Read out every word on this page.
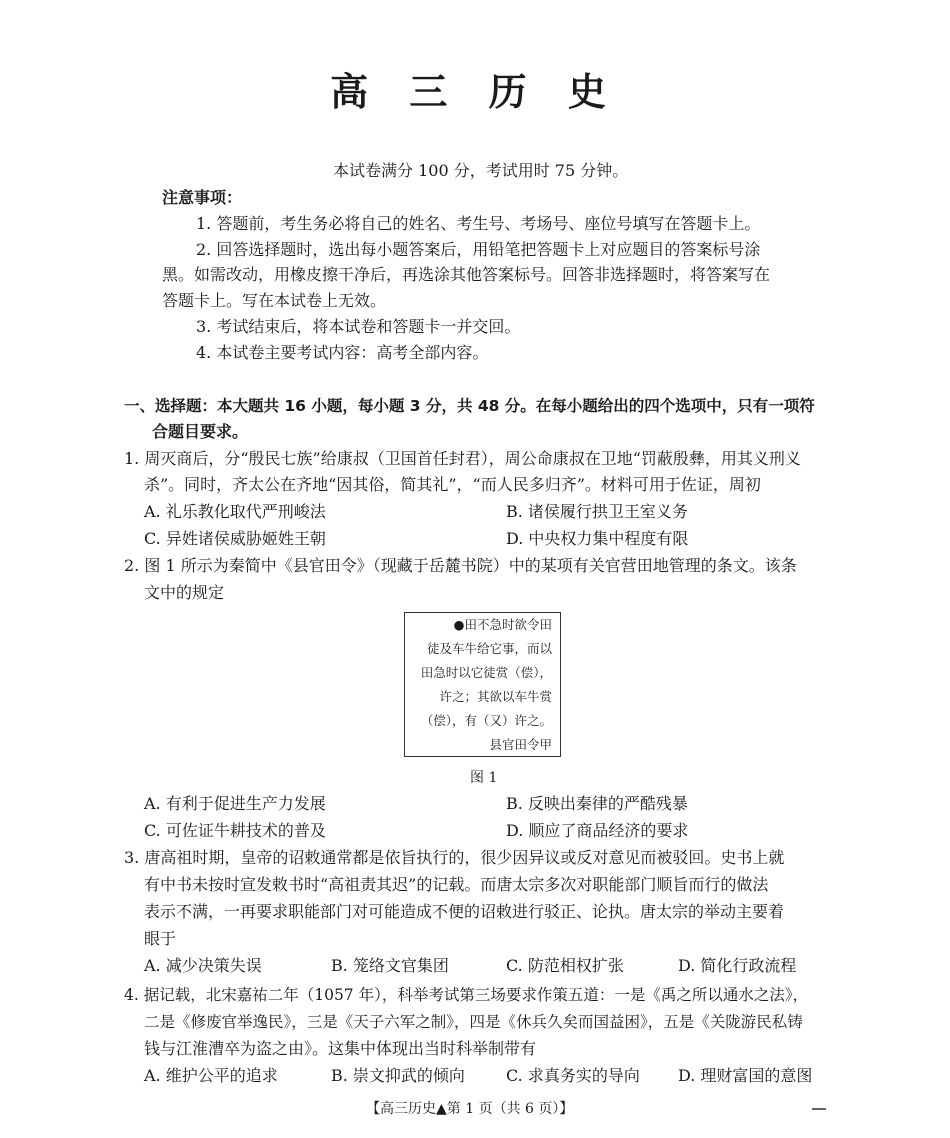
高 三 历 史
本试卷满分 100 分，考试用时 75 分钟。
注意事项：
1. 答题前，考生务必将自己的姓名、考生号、考场号、座位号填写在答题卡上。
2. 回答选择题时，选出每小题答案后，用铅笔把答题卡上对应题目的答案标号涂
黑。如需改动，用橡皮擦干净后，再选涂其他答案标号。回答非选择题时，将答案写在
答题卡上。写在本试卷上无效。
3. 考试结束后，将本试卷和答题卡一并交回。
4. 本试卷主要考试内容：高考全部内容。
一、选择题：本大题共 16 小题，每小题 3 分，共 48 分。在每小题给出的四个选项中，只有一项符
合题目要求。
1. 周灭商后，分“殷民七族”给康叔（卫国首任封君），周公命康叔在卫地“罚蔽殷彝，用其义刑义
杀”。同时，齐太公在齐地“因其俗，简其礼”，“而人民多归齐”。材料可用于佐证，周初
A. 礼乐教化取代严刑峻法	B. 诸侯履行拱卫王室义务
C. 异姓诸侯威胁姬姓王朝	D. 中央权力集中程度有限
2. 图 1 所示为秦简中《县官田令》（现藏于岳麓书院）中的某项有关官营田地管理的条文。该条
文中的规定
●田不急时欲令田
徒及车牛给它事，而以
田急时以它徒赏（偿），
许之；其欲以车牛赏
（偿），有（又）许之。
县官田令甲
图 1
A. 有利于促进生产力发展	B. 反映出秦律的严酷残暴
C. 可佐证牛耕技术的普及	D. 顺应了商品经济的要求
3. 唐高祖时期，皇帝的诏敕通常都是依旨执行的，很少因异议或反对意见而被驳回。史书上就
有中书未按时宣发敕书时“高祖责其迟”的记载。而唐太宗多次对职能部门顺旨而行的做法
表示不满，一再要求职能部门对可能造成不便的诏敕进行驳正、论执。唐太宗的举动主要着
眼于
A. 减少决策失误	B. 笼络文官集团	C. 防范相权扩张	D. 简化行政流程
4. 据记载，北宋嘉祐二年（1057 年），科举考试第三场要求作策五道：一是《禹之所以通水之法》，
二是《修废官举逸民》，三是《天子六军之制》，四是《休兵久矣而国益困》，五是《关陇游民私铸
钱与江淮漕卒为盗之由》。这集中体现出当时科举制带有
A. 维护公平的追求	B. 崇文抑武的倾向	C. 求真务实的导向 D. 理财富国的意图
【高三历史▲第 1 页（共 6 页）】
